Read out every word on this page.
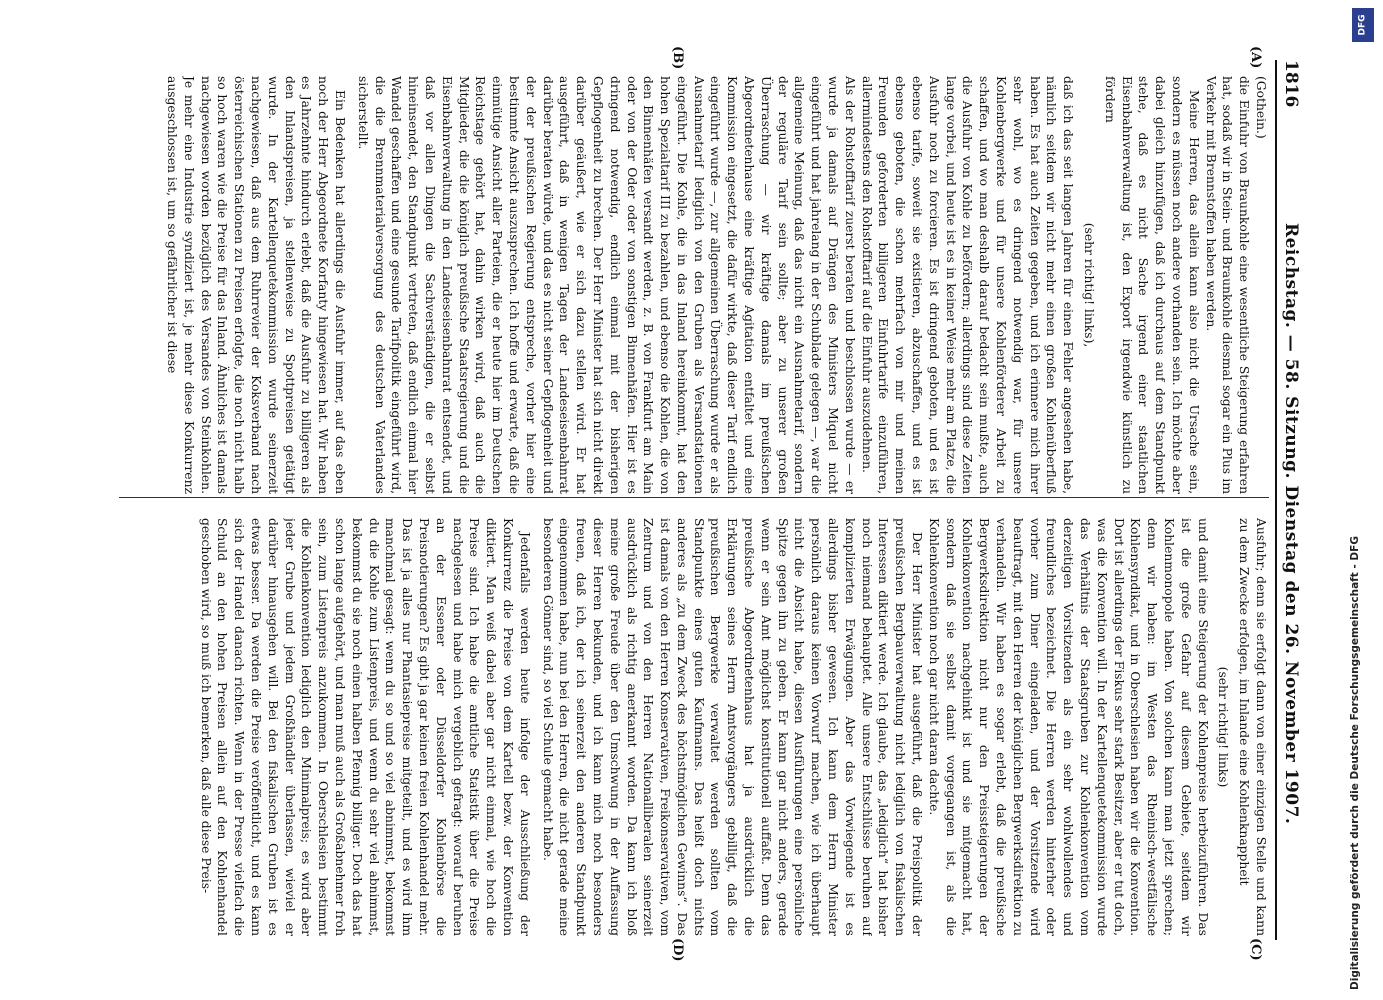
1816
Reichstag. — 58. Sitzung. Dienstag den 26. November 1907.
(A)
(B)
(C)
(D)

(Gothein.)

die Einfuhr von Braunkohle eine wesentliche Steigerung erfahren hat, sodaß wir in Stein- und Braunkohle diesmal sogar ein Plus im Verkehr mit Brennstoffen haben werden.

Meine Herren, das allein kann also nicht die Ursache sein, sondern es müssen noch andere vorhanden sein. Ich möchte aber dabei gleich hinzufügen, daß ich durchaus auf dem Standpunkt stehe, daß es nicht Sache irgend einer staatlichen Eisenbahnverwaltung ist, den Export irgendwie künstlich zu fördern

(sehr richtig! links),

daß ich das seit langen Jahren für einen Fehler angesehen habe, nämlich seitdem wir nicht mehr einen großen Kohlenüberfluß haben. Es hat auch Zeiten gegeben, und ich erinnere mich ihrer sehr wohl, wo es dringend notwendig war, für unsere Kohlenbergwerke und für unsere Kohlenförderer Arbeit zu schaffen, und wo man deshalb darauf bedacht sein mußte, auch die Ausfuhr von Kohle zu befördern; allerdings sind diese Zeiten lange vorbei, und heute ist es in keiner Weise mehr am Platze, die Ausfuhr noch zu forcieren. Es ist dringend geboten, und es ist ebenso tarife, soweit sie existieren, abzuschaffen, und es ist ebenso geboten, die schon mehrfach von mir und meinen Freunden geforderten billigeren Einfuhrtarife einzuführen, allermindestens den Rohstofftarif auf die Einfuhr auszudehnen.

Als der Rohstofftarif zuerst beraten und beschlossen wurde — er wurde ja damals auf Drängen des Ministers Miquel nicht eingeführt und hat jahrelang in der Schublade gelegen —, war die allgemeine Meinung, daß das nicht ein Ausnahmetarif, sondern der reguläre Tarif sein sollte; aber zu unserer großen Überraschung — wir kräftige damals im preußischen Abgeordnetenhause eine kräftige Agitation entfaltet und eine Kommission eingesetzt, die dafür wirkte, daß dieser Tarif endlich eingeführt wurde —, zur allgemeinen Überraschung wurde er als Ausnahmetarif lediglich von den Gruben als Versandstationen eingeführt. Die Kohle, die in das Inland hereinkommt, hat den hohen Spezialtarif III zu bezahlen, und ebenso die Kohlen, die von den Binnenhäfen versandt werden, z. B. von Frankfurt am Main oder von der Oder oder von sonstigen Binnenhäfen. Hier ist es dringend notwendig, endlich einmal mit der bisherigen Gepflogenheit zu brechen. Der Herr Minister hat sich nicht direkt darüber geäußert, wie er sich dazu stellen wird. Er hat ausgeführt, daß in wenigen Tagen der Landeseisenbahnrat darüber beraten würde, und das es nicht seiner Gepflogenheit und der der preußischen Regierung entspreche, vorher hier eine bestimmte Ansicht auszusprechen. Ich hoffe und erwarte, daß die einmütige Ansicht aller Parteien, die er heute hier im Deutschen Reichstage gehört hat, dahin wirken wird, daß auch die Mitglieder, die die königlich preußische Staatsregierung und die Eisenbahnverwaltung in den Landeseisenbahnrat entsendet, und daß vor allen Dingen die Sachverständigen, die er selbst hineinsendet, den Standpunkt vertreten, daß endlich einmal hier Wandel geschaffen und eine gesunde Tarifpolitik eingeführt wird, die die Brennmaterialversorgung des deutschen Vaterlandes sicherstellt.

Ein Bedenken hat allerdings die Ausfuhr immer, auf das eben noch der Herr Abgeordnete Korfanty hingewiesen hat. Wir haben es Jahrzehnte hindurch erlebt, daß die Ausfuhr zu billigeren als den Inlandspreisen, ja stellenweise zu Spottpreisen getätigt wurde. In der Kartellenquetekommission wurde seinerzeit nachgewiesen, daß aus dem Ruhrrevier der Koksverband nach österreichischen Stationen zu Preisen erfolgte, die noch nicht halb so hoch waren wie die Preise für das Inland. Ähnliches ist damals nachgewiesen worden bezüglich des Versandes von Steinkohlen. Je mehr eine Industrie syndiziert ist, je mehr diese Konkurrenz ausgeschlossen ist, um so gefährlicher ist diese

Ausfuhr; denn sie erfolgt dann von einer einzigen Stelle und kann zu dem Zwecke erfolgen, im Inlande eine Kohlenknappheit

(sehr richtig! links)

und damit eine Steigerung der Kohlenpreise herbeizuführen. Das ist die große Gefahr auf diesem Gebiete, seitdem wir Kohlenmonopole haben. Von solchen kann man jetzt sprechen; denn wir haben: im Westen das Rheinisch-westfälische Kohlensyndikat, und in Oberschlesien haben wir die Konvention. Dort ist allerdings der Fiskus sehr stark Besitzer, aber er tut doch, was die Konvention will. In der Kartellenquetekommission wurde das Verhältnis der Staatsgruben zur Kohlenkonvention vom derzeitigen Vorsitzenden als ein sehr wohlwollendes und freundliches bezeichnet. Die Herren werden hinterher oder vorher zum Diner eingeladen, und der Vorsitzende wird beauftragt, mit den Herren der königlichen Bergwerksdirektion zu verhandeln. Wir haben es sogar erlebt, daß die preußische Bergwerksdirektion nicht nur den Preissteigerungen der Kohlenkonvention nachgehinkt ist und sie mitgemacht hat, sondern daß sie selbst damit vorgegangen ist, als die Kohlenkonvention noch gar nicht daran dachte.

Der Herr Minister hat ausgeführt, daß die Preispolitik der preußischen Bergbauverwaltung nicht lediglich von fiskalischen Interessen diktiert werde. Ich glaube, das „lediglich“ hat bisher noch niemand behauptet. Alle unsere Entschlüsse beruhen auf komplizierten Erwägungen. Aber das Vorwiegende ist es allerdings bisher gewesen. Ich kann dem Herrn Minister persönlich daraus keinen Vorwurf machen, wie ich überhaupt nicht die Absicht habe, diesen Ausführungen eine persönliche Spitze gegen ihn zu geben. Er kann gar nicht anders, gerade wenn er sein Amt möglichst konstitutionell auffaßt. Denn das preußische Abgeordnetenhaus hat ja ausdrücklich die Erklärungen seines Herrn Amtsvorgängers gebilligt, daß die preußischen Bergwerke verwaltet werden sollten vom Standpunkte eines guten Kaufmanns. Das heißt doch nichts anderes als „zu dem Zweck des höchstmöglichen Gewinns“. Das ist damals von den Herren Konservativen, Freikonservativen, vom Zentrum und von den Herren Nationalliberalen seinerzeit ausdrücklich als richtig anerkannt worden. Da kann ich bloß meine große Freude über den Umschwung in der Auffassung dieser Herren bekunden, und ich kann mich noch besonders freuen, daß ich, der ich seinerzeit den anderen Standpunkt eingenommen habe, nun bei den Herren, die nicht gerade meine besonderen Gönner sind, so viel Schule gemacht habe.

Jedenfalls werden heute infolge der Ausschließung der Konkurrenz die Preise von dem Kartell bezw. der Konvention diktiert. Man weiß dabei aber gar nicht einmal, wie hoch die Preise sind. Ich habe die amtliche Statistik über die Preise nachgelesen und habe mich vergeblich gefragt: worauf beruhen an der Essener oder Düsseldorfer Kohlenbörse die Preisnotierungen? Es gibt ja gar keinen freien Kohlenhandel mehr. Das ist ja alles nur Phantasiepreise mitgeteilt, und es wird ihm manchmal gesagt: wenn du so und so viel abnimmst, bekommst du die Kohle zum Listenpreis, und wenn du sehr viel abnimmst, bekommst du sie noch einen halben Pfennig billiger. Doch das hat schon lange aufgehört, und man muß auch als Großabnehmer froh sein, zum Listenpreis anzukommen. In Oberschlesien bestimmt die Kohlenkonvention lediglich den Minimalpreis; es wird aber jeder Grube und jedem Großhändler überlassen, wieviel er darüber hinausgehen will. Bei den fiskalischen Gruben ist es etwas besser. Da werden die Preise veröffentlicht, und es kann sich der Handel danach richten. Wenn in der Presse vielfach die Schuld an den hohen Preisen allein auf den Kohlenhandel geschoben wird, so muß ich bemerken, daß alle diese Preis-

DFG
Digitalisierung gefördert durch die Deutsche Forschungsgemeinschaft - DFG
